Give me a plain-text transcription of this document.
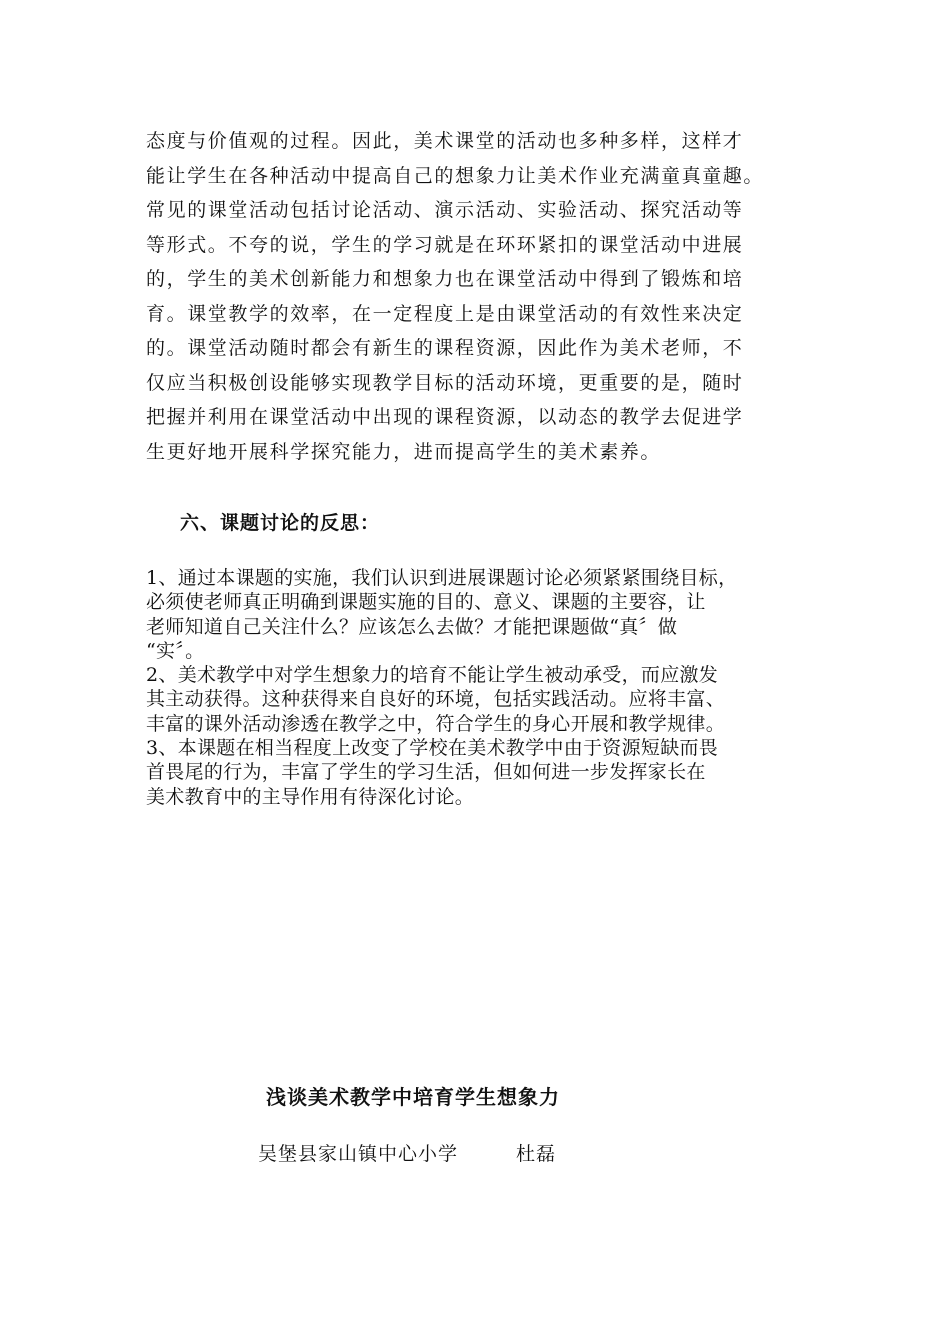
态度与价值观的过程。因此，美术课堂的活动也多种多样，这样才
能让学生在各种活动中提高自己的想象力让美术作业充满童真童趣。
常见的课堂活动包括讨论活动、演示活动、实验活动、探究活动等
等形式。不夸的说，学生的学习就是在环环紧扣的课堂活动中进展
的，学生的美术创新能力和想象力也在课堂活动中得到了锻炼和培
育。课堂教学的效率，在一定程度上是由课堂活动的有效性来决定
的。课堂活动随时都会有新生的课程资源，因此作为美术老师，不
仅应当积极创设能够实现教学目标的活动环境，更重要的是，随时
把握并利用在课堂活动中出现的课程资源，以动态的教学去促进学
生更好地开展科学探究能力，进而提高学生的美术素养。
六、课题讨论的反思：
1、通过本课题的实施，我们认识到进展课题讨论必须紧紧围绕目标，
必须使老师真正明确到课题实施的目的、意义、课题的主要容，让
老师知道自己关注什么？应该怎么去做？才能把课题做“真〞做
“实〞。
2、美术教学中对学生想象力的培育不能让学生被动承受，而应激发
其主动获得。这种获得来自良好的环境，包括实践活动。应将丰富、
丰富的课外活动渗透在教学之中，符合学生的身心开展和教学规律。
3、本课题在相当程度上改变了学校在美术教学中由于资源短缺而畏
首畏尾的行为，丰富了学生的学习生活，但如何进一步发挥家长在
美术教育中的主导作用有待深化讨论。
浅谈美术教学中培育学生想象力
吴堡县家山镇中心小学	杜磊
